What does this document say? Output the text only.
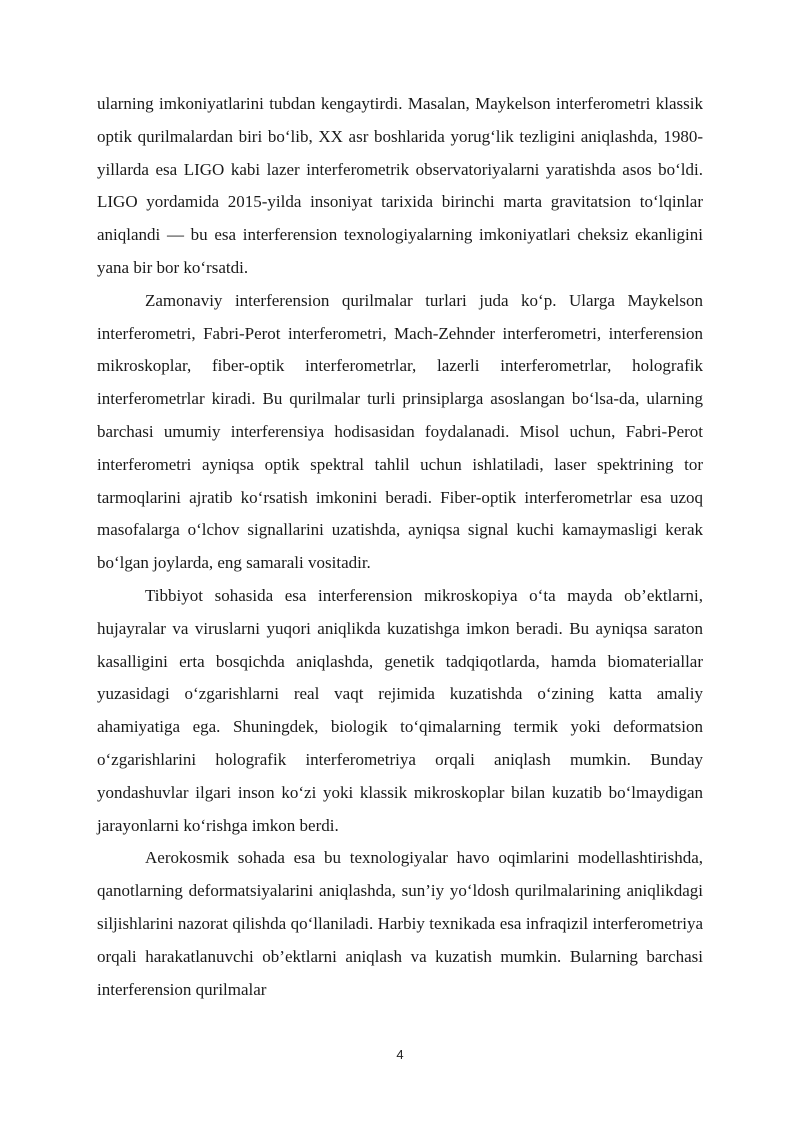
ularning imkoniyatlarini tubdan kengaytirdi. Masalan, Maykelson interferometri klassik optik qurilmalardan biri bo‘lib, XX asr boshlarida yorug‘lik tezligini aniqlashda, 1980-yillarda esa LIGO kabi lazer interferometrik observatoriyalarni yaratishda asos bo‘ldi. LIGO yordamida 2015-yilda insoniyat tarixida birinchi marta gravitatsion to‘lqinlar aniqlandi — bu esa interferension texnologiyalarning imkoniyatlari cheksiz ekanligini yana bir bor ko‘rsatdi.

Zamonaviy interferension qurilmalar turlari juda ko‘p. Ularga Maykelson interferometri, Fabri-Perot interferometri, Mach-Zehnder interferometri, interferension mikroskoplar, fiber-optik interferometrlar, lazerli interferometrlar, holografik interferometrlar kiradi. Bu qurilmalar turli prinsiplarga asoslangan bo‘lsa-da, ularning barchasi umumiy interferensiya hodisasidan foydalanadi. Misol uchun, Fabri-Perot interferometri ayniqsa optik spektral tahlil uchun ishlatiladi, laser spektrining tor tarmoqlarini ajratib ko‘rsatish imkonini beradi. Fiber-optik interferometrlar esa uzoq masofalarga o‘lchov signallarini uzatishda, ayniqsa signal kuchi kamaymasligi kerak bo‘lgan joylarda, eng samarali vositadir.

Tibbiyot sohasida esa interferension mikroskopiya o‘ta mayda ob’ektlarni, hujayralar va viruslarni yuqori aniqlikda kuzatishga imkon beradi. Bu ayniqsa saraton kasalligini erta bosqichda aniqlashda, genetik tadqiqotlarda, hamda biomateriallar yuzasidagi o‘zgarishlarni real vaqt rejimida kuzatishda o‘zining katta amaliy ahamiyatiga ega. Shuningdek, biologik to‘qimalarning termik yoki deformatsion o‘zgarishlarini holografik interferometriya orqali aniqlash mumkin. Bunday yondashuvlar ilgari inson ko‘zi yoki klassik mikroskoplar bilan kuzatib bo‘lmaydigan jarayonlarni ko‘rishga imkon berdi.

Aerokosmik sohada esa bu texnologiyalar havo oqimlarini modellashtirishda, qanotlarning deformatsiyalarini aniqlashda, sun’iy yo‘ldosh qurilmalarining aniqlikdagi siljishlarini nazorat qilishda qo‘llaniladi. Harbiy texnikada esa infraqizil interferometriya orqali harakatlanuvchi ob’ektlarni aniqlash va kuzatish mumkin. Bularning barchasi interferension qurilmalar

4
